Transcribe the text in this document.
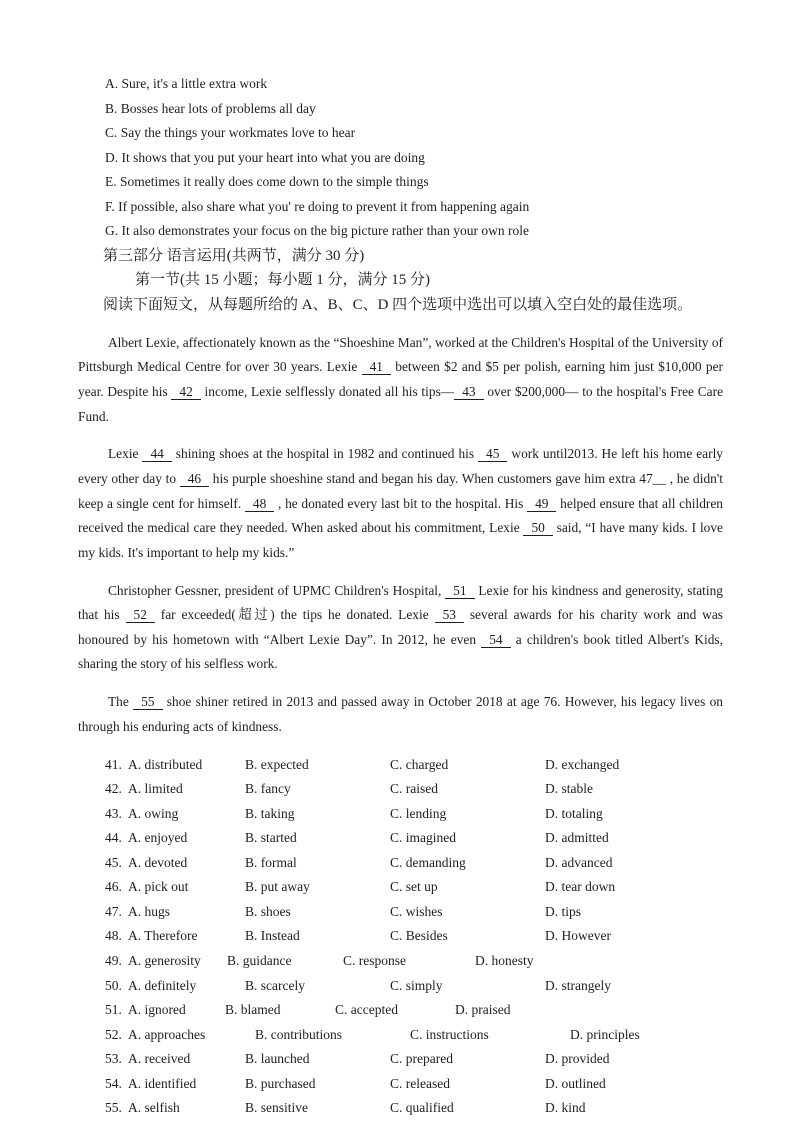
A. Sure, it's a little extra work
B. Bosses hear lots of problems all day
C. Say the things your workmates love to hear
D. It shows that you put your heart into what you are doing
E. Sometimes it really does come down to the simple things
F. If possible, also share what you' re doing to prevent it from happening again
G. It also demonstrates your focus on the big picture rather than your own role
第三部分 语言运用(共两节，满分 30 分)
第一节(共 15 小题；每小题 1 分，满分 15 分)
阅读下面短文，从每题所给的 A、B、C、D 四个选项中选出可以填入空白处的最佳选项。

Albert Lexie, affectionately known as the “Shoeshine Man”, worked at the Children's Hospital of the University of Pittsburgh Medical Centre for over 30 years. Lexie 41 between $2 and $5 per polish, earning him just $10,000 per year. Despite his 42 income, Lexie selflessly donated all his tips— 43 over $200,000— to the hospital's Free Care Fund.

Lexie 44 shining shoes at the hospital in 1982 and continued his 45 work until2013. He left his home early every other day to 46 his purple shoeshine stand and began his day. When customers gave him extra 47__ , he didn't keep a single cent for himself. 48 , he donated every last bit to the hospital. His 49 helped ensure that all children received the medical care they needed. When asked about his commitment, Lexie 50 said, “I have many kids. I love my kids. It's important to help my kids.”

Christopher Gessner, president of UPMC Children's Hospital, 51 Lexie for his kindness and generosity, stating that his 52 far exceeded(超过) the tips he donated. Lexie 53 several awards for his charity work and was honoured by his hometown with “Albert Lexie Day”. In 2012, he even 54 a children's book titled Albert's Kids, sharing the story of his selfless work.

The 55 shoe shiner retired in 2013 and passed away in October 2018 at age 76. However, his legacy lives on through his enduring acts of kindness.

41. A. distributed	B. expected	C. charged	D. exchanged
42. A. limited	B. fancy	C. raised	D. stable
43. A. owing	B. taking	C. lending	D. totaling
44. A. enjoyed	B. started	C. imagined	D. admitted
45. A. devoted	B. formal	C. demanding	D. advanced
46. A. pick out	B. put away	C. set up	D. tear down
47. A. hugs	B. shoes	C. wishes	D. tips
48. A. Therefore	B. Instead	C. Besides	D. However
49. A. generosity	B. guidance	C. response	D. honesty
50. A. definitely	B. scarcely	C. simply	D. strangely
51. A. ignored	B. blamed	C. accepted	D. praised
52. A. approaches	B. contributions	C. instructions	D. principles
53. A. received	B. launched	C. prepared	D. provided
54. A. identified	B. purchased	C. released	D. outlined
55. A. selfish	B. sensitive	C. qualified	D. kind
